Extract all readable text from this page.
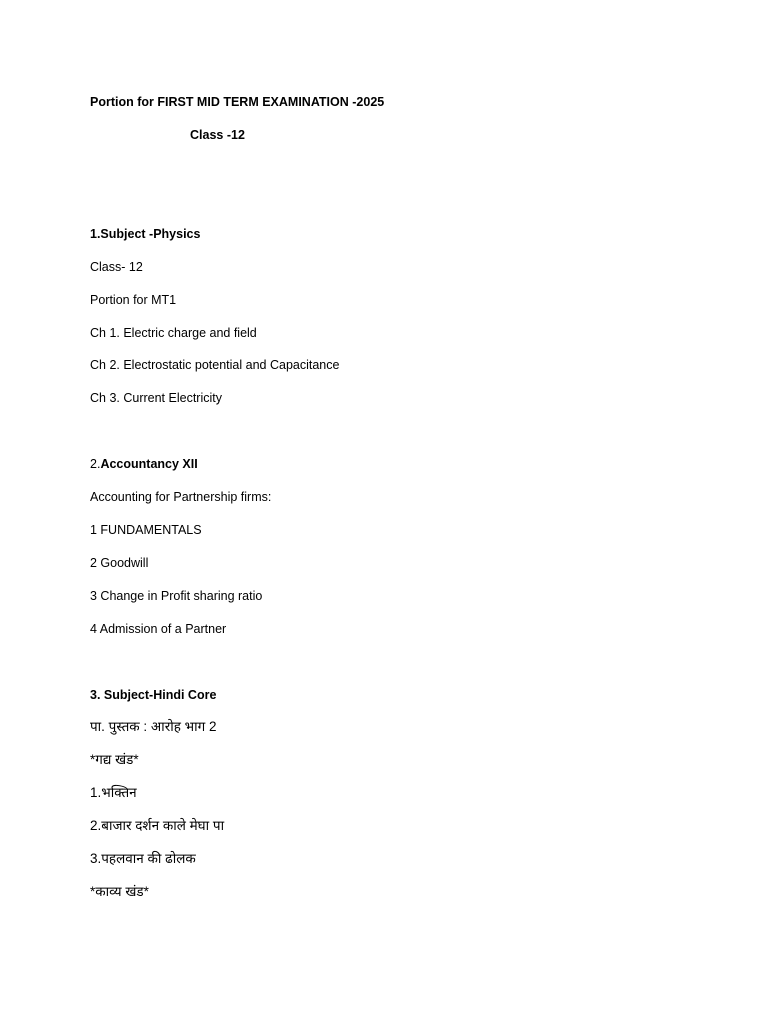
Portion for FIRST MID TERM EXAMINATION -2025
Class -12
1.Subject -Physics
Class- 12
Portion for MT1
Ch 1. Electric charge and field
Ch 2. Electrostatic potential and Capacitance
Ch 3. Current Electricity
2.Accountancy XII
Accounting for Partnership firms:
1 FUNDAMENTALS
2 Goodwill
3 Change in Profit sharing ratio
4 Admission of a Partner
3. Subject-Hindi Core
पा. पुस्तक : आरोह भाग 2
*गद्य खंड*
1.भक्तिन
2.बाजार दर्शन काले मेघा पा
3.पहलवान की ढोलक
*काव्य खंड*
